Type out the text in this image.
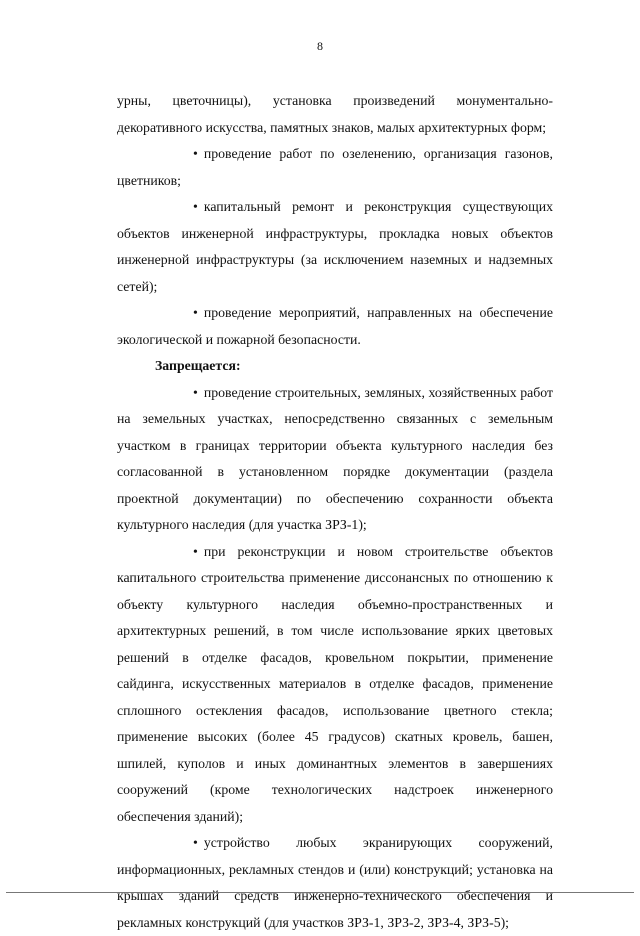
8

урны, цветочницы), установка произведений монументально-декоративного искусства, памятных знаков, малых архитектурных форм;

• проведение работ по озеленению, организация газонов, цветников;

• капитальный ремонт и реконструкция существующих объектов инженерной инфраструктуры, прокладка новых объектов инженерной инфраструктуры (за исключением наземных и надземных сетей);

• проведение мероприятий, направленных на обеспечение экологической и пожарной безопасности.

Запрещается:

• проведение строительных, земляных, хозяйственных работ на земельных участках, непосредственно связанных с земельным участком в границах территории объекта культурного наследия без согласованной в установленном порядке документации (раздела проектной документации) по обеспечению сохранности объекта культурного наследия (для участка ЗРЗ-1);

• при реконструкции и новом строительстве объектов капитального строительства применение диссонансных по отношению к объекту культурного наследия объемно-пространственных и архитектурных решений, в том числе использование ярких цветовых решений в отделке фасадов, кровельном покрытии, применение сайдинга, искусственных материалов в отделке фасадов, применение сплошного остекления фасадов, использование цветного стекла; применение высоких (более 45 градусов) скатных кровель, башен, шпилей, куполов и иных доминантных элементов в завершениях сооружений (кроме технологических надстроек инженерного обеспечения зданий);

• устройство любых экранирующих сооружений, информационных, рекламных стендов и (или) конструкций; установка на крышах зданий средств инженерно-технического обеспечения и рекламных конструкций (для участков ЗРЗ-1, ЗРЗ-2, ЗРЗ-4, ЗРЗ-5);
